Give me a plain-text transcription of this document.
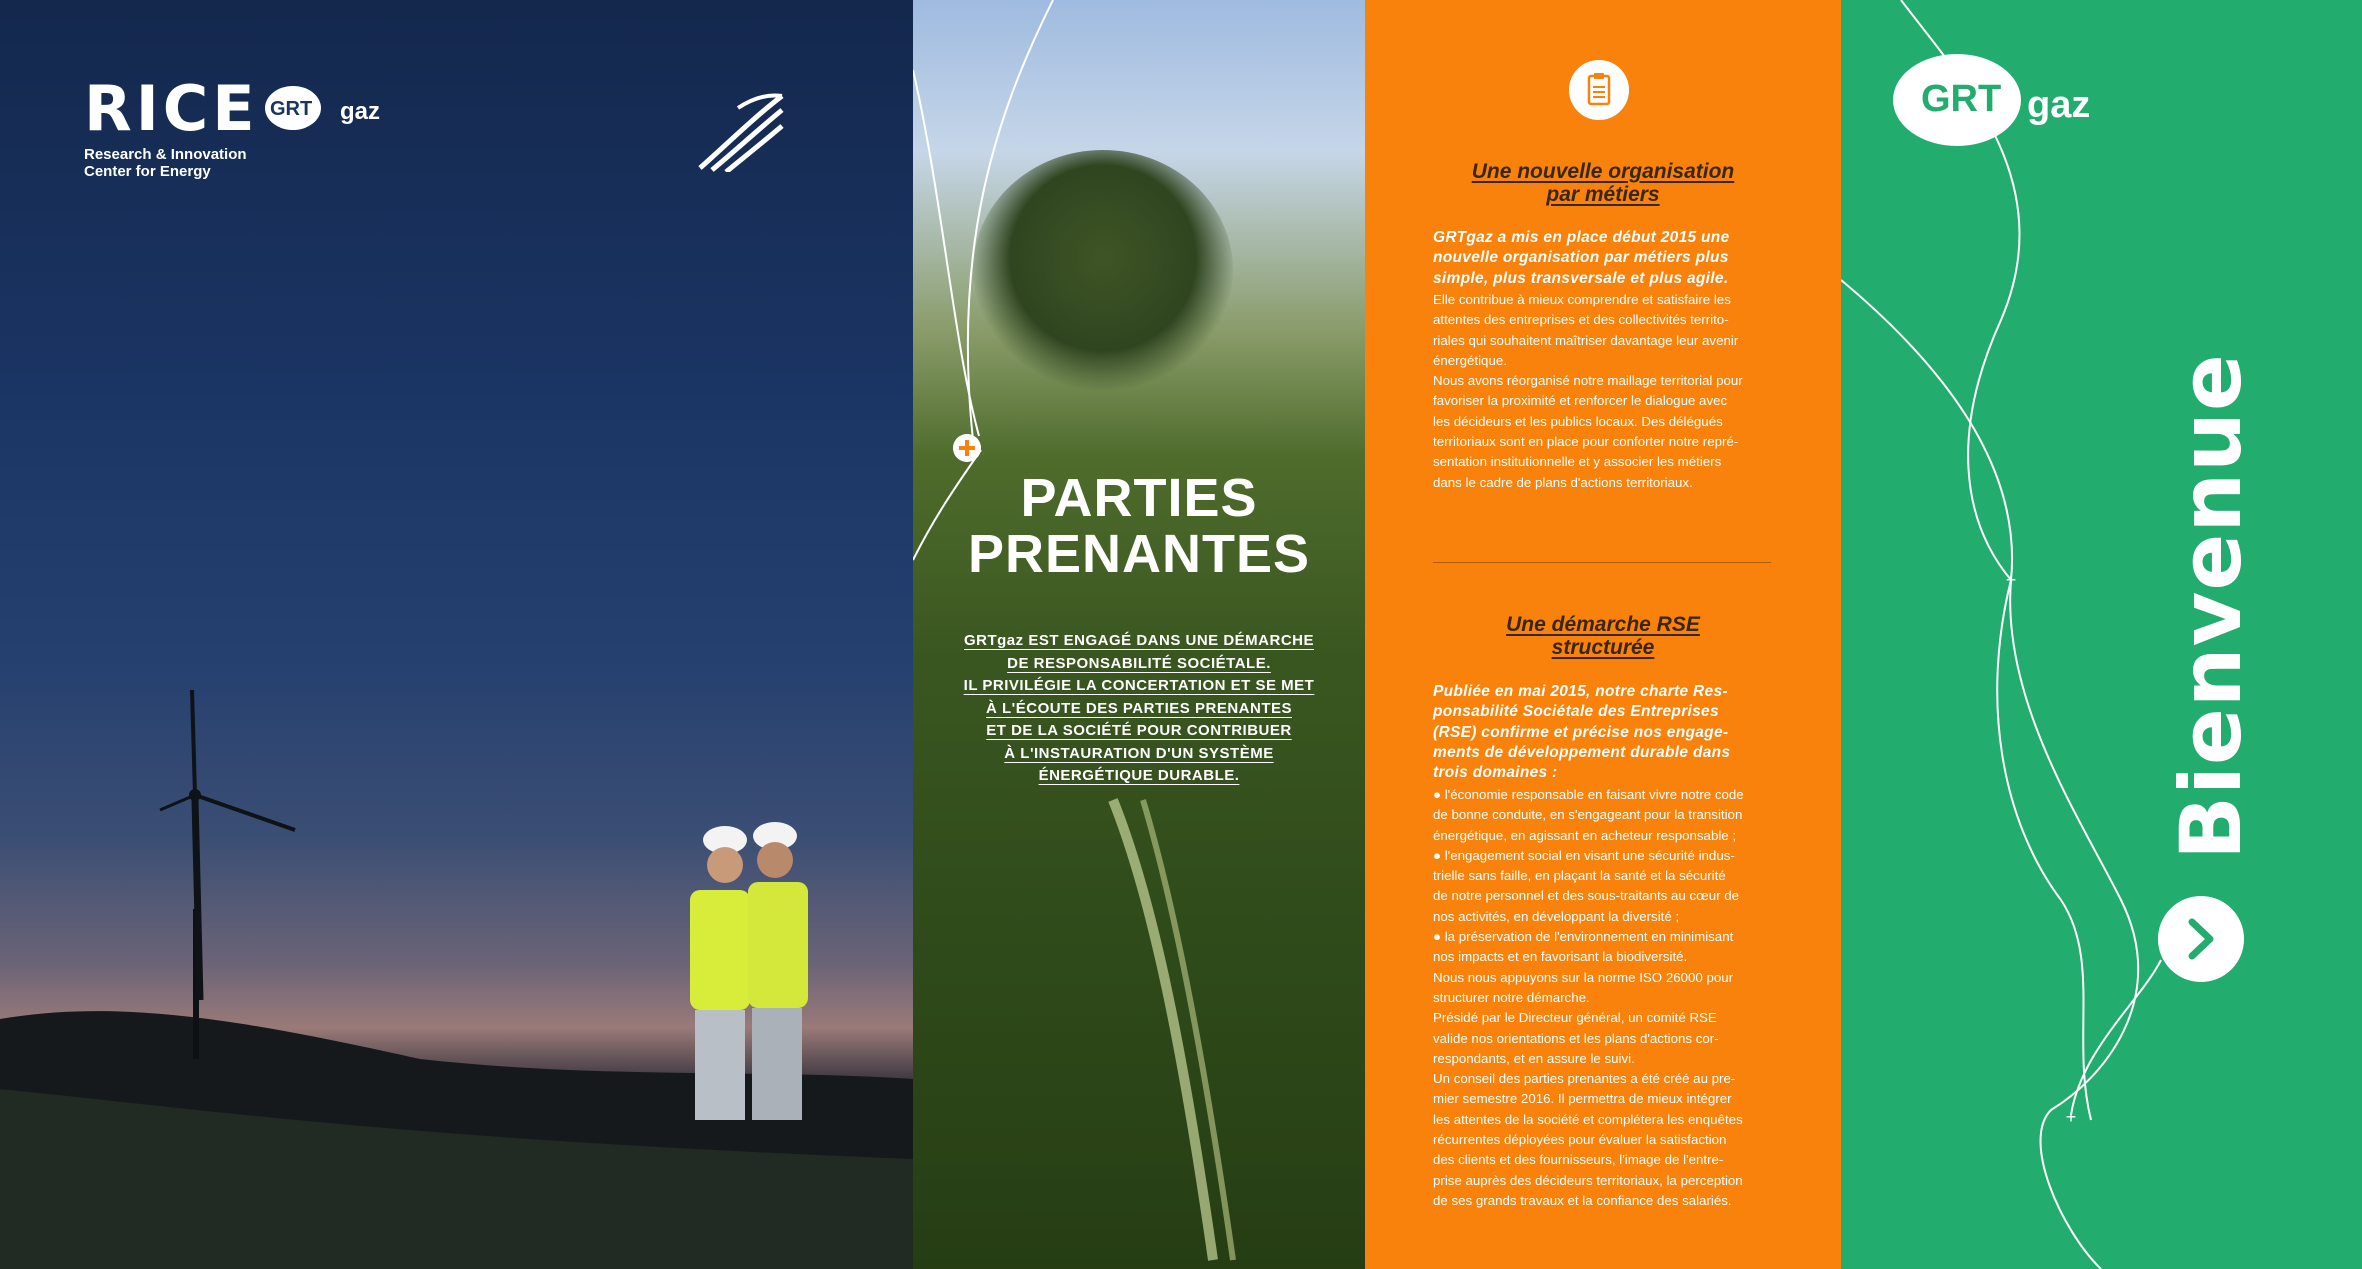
RICE
Research & Innovation
Center for Energy
GRT gaz
PARTIES
PRENANTES
GRTgaz EST ENGAGÉ DANS UNE DÉMARCHE
DE RESPONSABILITÉ SOCIÉTALE.
IL PRIVILÉGIE LA CONCERTATION ET SE MET
À L'ÉCOUTE DES PARTIES PRENANTES
ET DE LA SOCIÉTÉ POUR CONTRIBUER
À L'INSTAURATION D'UN SYSTÈME
ÉNERGÉTIQUE DURABLE.
Une nouvelle organisation
par métiers
GRTgaz a mis en place début 2015 une
nouvelle organisation par métiers plus
simple, plus transversale et plus agile.
Elle contribue à mieux comprendre et satisfaire les
attentes des entreprises et des collectivités territo-
riales qui souhaitent maîtriser davantage leur avenir
énergétique.
Nous avons réorganisé notre maillage territorial pour
favoriser la proximité et renforcer le dialogue avec
les décideurs et les publics locaux. Des délégués
territoriaux sont en place pour conforter notre repré-
sentation institutionnelle et y associer les métiers
dans le cadre de plans d'actions territoriaux.
Une démarche RSE
structurée
Publiée en mai 2015, notre charte Res-
ponsabilité Sociétale des Entreprises
(RSE) confirme et précise nos engage-
ments de développement durable dans
trois domaines :
● l'économie responsable en faisant vivre notre code
de bonne conduite, en s'engageant pour la transition
énergétique, en agissant en acheteur responsable ;
● l'engagement social en visant une sécurité indus-
trielle sans faille, en plaçant la santé et la sécurité
de notre personnel et des sous-traitants au cœur de
nos activités, en développant la diversité ;
● la préservation de l'environnement en minimisant
nos impacts et en favorisant la biodiversité.
Nous nous appuyons sur la norme ISO 26000 pour
structurer notre démarche.
Présidé par le Directeur général, un comité RSE
valide nos orientations et les plans d'actions cor-
respondants, et en assure le suivi.
Un conseil des parties prenantes a été créé au pre-
mier semestre 2016. Il permettra de mieux intégrer
les attentes de la société et complétera les enquêtes
récurrentes déployées pour évaluer la satisfaction
des clients et des fournisseurs, l'image de l'entre-
prise auprès des décideurs territoriaux, la perception
de ses grands travaux et la confiance des salariés.
+
+
GRT gaz
Bienvenue
